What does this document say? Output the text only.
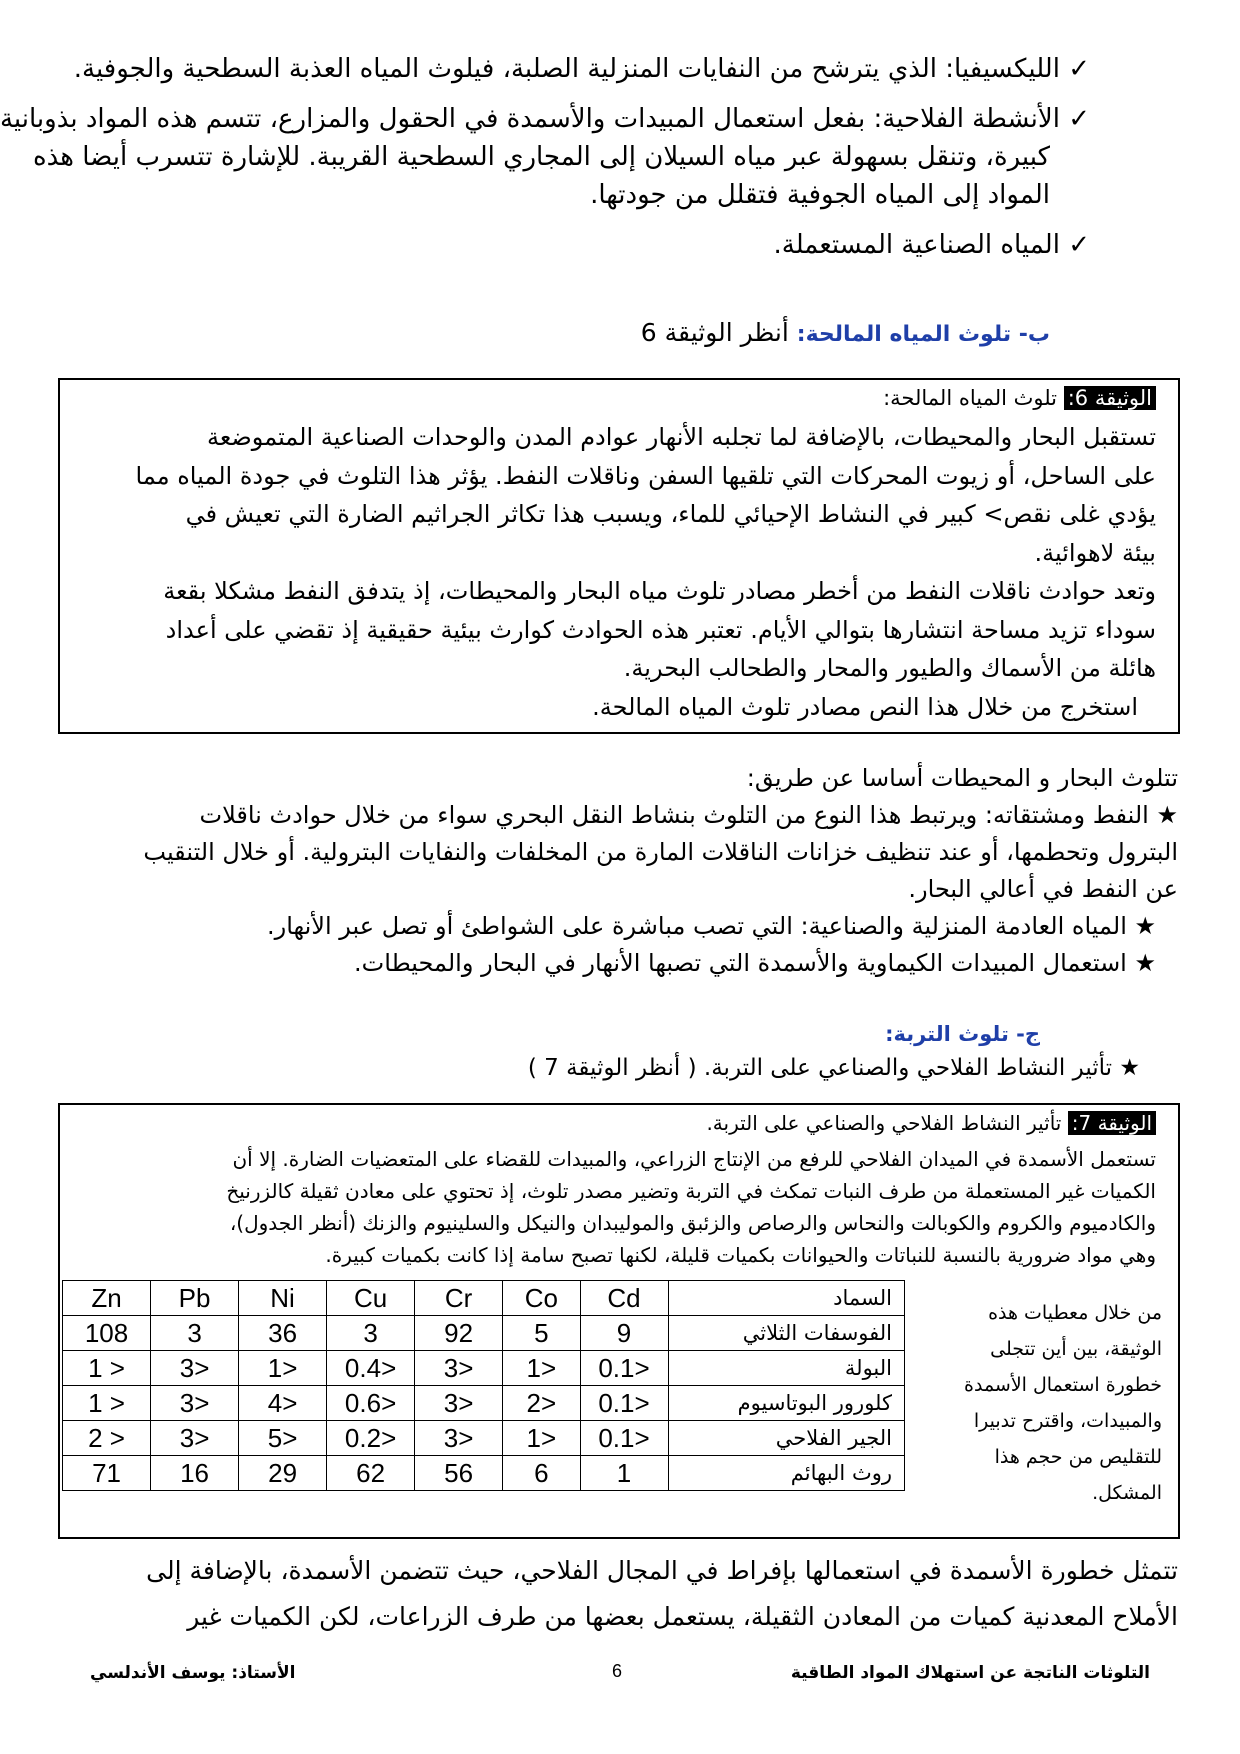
✓ الليكسيفيا: الذي يترشح من النفايات المنزلية الصلبة، فيلوث المياه العذبة السطحية والجوفية.
✓ الأنشطة الفلاحية: بفعل استعمال المبيدات والأسمدة في الحقول والمزارع، تتسم هذه المواد بذوبانية
كبيرة، وتنقل بسهولة عبر مياه السيلان إلى المجاري السطحية القريبة. للإشارة تتسرب أيضا هذه
المواد إلى المياه الجوفية فتقلل من جودتها.
✓ المياه الصناعية المستعملة.
ب- تلوث المياه المالحة: أنظر الوثيقة 6
الوثيقة 6: تلوث المياه المالحة:
تستقبل البحار والمحيطات، بالإضافة لما تجلبه الأنهار عوادم المدن والوحدات الصناعية المتموضعة
على الساحل، أو زيوت المحركات التي تلقيها السفن وناقلات النفط. يؤثر هذا التلوث في جودة المياه مما
يؤدي غلى نقص> كبير في النشاط الإحيائي للماء، ويسبب هذا تكاثر الجراثيم الضارة التي تعيش في
بيئة لاهوائية.
وتعد حوادث ناقلات النفط من أخطر مصادر تلوث مياه البحار والمحيطات، إذ يتدفق النفط مشكلا بقعة
سوداء تزيد مساحة انتشارها بتوالي الأيام. تعتبر هذه الحوادث كوارث بيئية حقيقية إذ تقضي على أعداد
هائلة من الأسماك والطيور والمحار والطحالب البحرية.
استخرج من خلال هذا النص مصادر تلوث المياه المالحة.
تتلوث البحار و المحيطات أساسا عن طريق:
★ النفط ومشتقاته: ويرتبط هذا النوع من التلوث بنشاط النقل البحري سواء من خلال حوادث ناقلات
البترول وتحطمها، أو عند تنظيف خزانات الناقلات المارة من المخلفات والنفايات البترولية. أو خلال التنقيب
عن النفط في أعالي البحار.
★ المياه العادمة المنزلية والصناعية: التي تصب مباشرة على الشواطئ أو تصل عبر الأنهار.
★ استعمال المبيدات الكيماوية والأسمدة التي تصبها الأنهار في البحار والمحيطات.
ج- تلوث التربة:
★ تأثير النشاط الفلاحي والصناعي على التربة. ( أنظر الوثيقة 7 )
الوثيقة 7: تأثير النشاط الفلاحي والصناعي على التربة.
تستعمل الأسمدة في الميدان الفلاحي للرفع من الإنتاج الزراعي، والمبيدات للقضاء على المتعضيات الضارة. إلا أن
الكميات غير المستعملة من طرف النبات تمكث في التربة وتضير مصدر تلوث، إذ تحتوي على معادن ثقيلة كالزرنيخ
والكادميوم والكروم والكوبالت والنحاس والرصاص والزئبق والموليبدان والنيكل والسلينيوم والزنك (أنظر الجدول)،
وهي مواد ضرورية بالنسبة للنباتات والحيوانات بكميات قليلة، لكنها تصبح سامة إذا كانت بكميات كبيرة.
من خلال معطيات هذه
الوثيقة، بين أين تتجلى
خطورة استعمال الأسمدة
والمبيدات، واقترح تدبيرا
للتقليص من حجم هذا
المشكل.
السماد	Cd	Co	Cr	Cu	Ni	Pb	Zn
الفوسفات الثلاثي	9	5	92	3	36	3	108
البولة	<0.1	<1	<3	<0.4	<1	<3	< 1
كلورور البوتاسيوم	<0.1	<2	<3	<0.6	<4	<3	< 1
الجير الفلاحي	<0.1	<1	<3	<0.2	<5	<3	< 2
روث البهائم	1	6	56	62	29	16	71

تتمثل خطورة الأسمدة في استعمالها بإفراط في المجال الفلاحي، حيث تتضمن الأسمدة، بالإضافة إلى
الأملاح المعدنية كميات من المعادن الثقيلة، يستعمل بعضها من طرف الزراعات، لكن الكميات غير
التلوثات الناتجة عن استهلاك المواد الطاقية
6
الأستاذ: يوسف الأندلسي
